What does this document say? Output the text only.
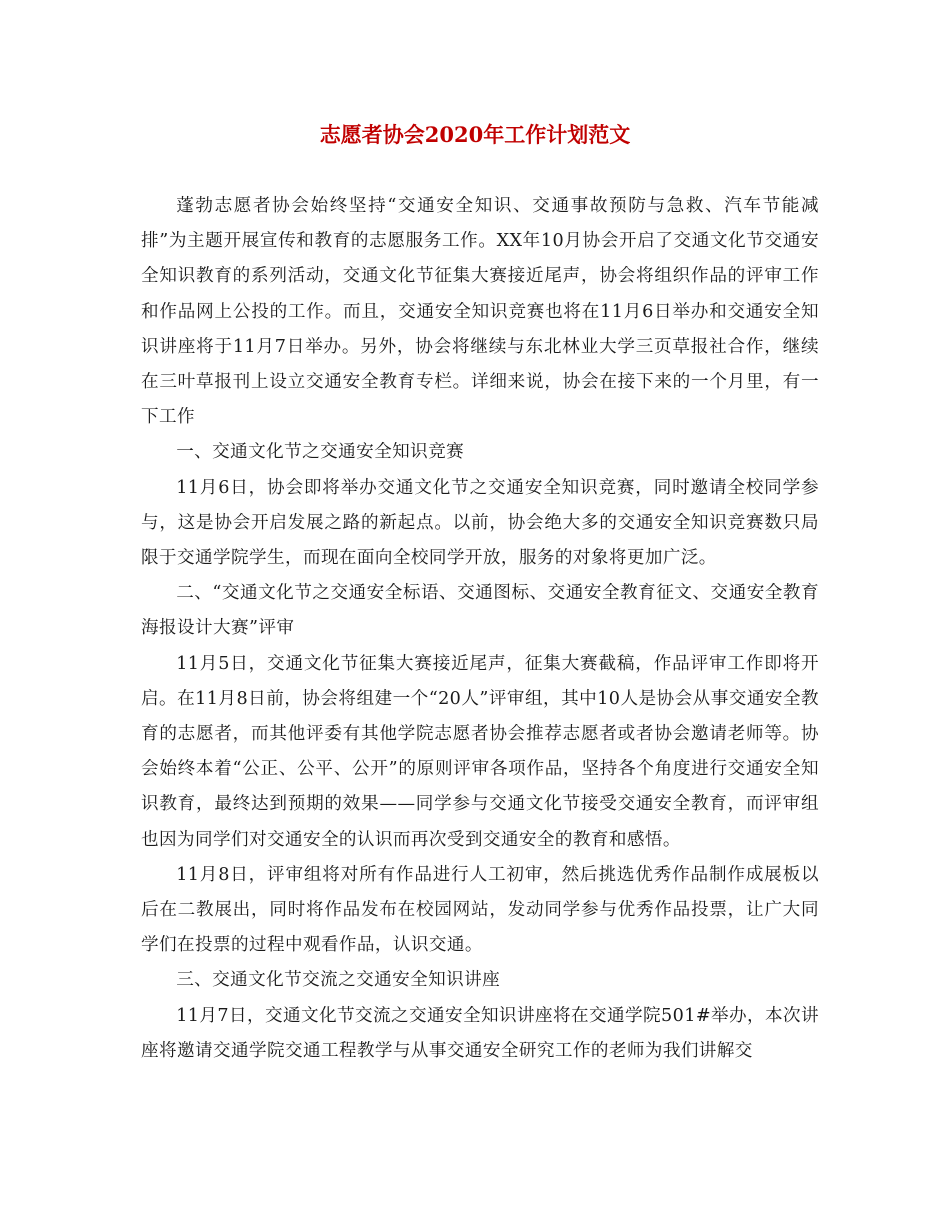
志愿者协会2020年工作计划范文

蓬勃志愿者协会始终坚持“交通安全知识、交通事故预防与急救、汽车节能减排”为主题开展宣传和教育的志愿服务工作。XX年10月协会开启了交通文化节交通安全知识教育的系列活动，交通文化节征集大赛接近尾声，协会将组织作品的评审工作和作品网上公投的工作。而且，交通安全知识竞赛也将在11月6日举办和交通安全知识讲座将于11月7日举办。另外，协会将继续与东北林业大学三页草报社合作，继续在三叶草报刊上设立交通安全教育专栏。详细来说，协会在接下来的一个月里，有一下工作

一、交通文化节之交通安全知识竞赛

11月6日，协会即将举办交通文化节之交通安全知识竞赛，同时邀请全校同学参与，这是协会开启发展之路的新起点。以前，协会绝大多的交通安全知识竞赛数只局限于交通学院学生，而现在面向全校同学开放，服务的对象将更加广泛。

二、“交通文化节之交通安全标语、交通图标、交通安全教育征文、交通安全教育海报设计大赛”评审

11月5日，交通文化节征集大赛接近尾声，征集大赛截稿，作品评审工作即将开启。在11月8日前，协会将组建一个“20人”评审组，其中10人是协会从事交通安全教育的志愿者，而其他评委有其他学院志愿者协会推荐志愿者或者协会邀请老师等。协会始终本着“公正、公平、公开”的原则评审各项作品，坚持各个角度进行交通安全知识教育，最终达到预期的效果——同学参与交通文化节接受交通安全教育，而评审组也因为同学们对交通安全的认识而再次受到交通安全的教育和感悟。

11月8日，评审组将对所有作品进行人工初审，然后挑选优秀作品制作成展板以后在二教展出，同时将作品发布在校园网站，发动同学参与优秀作品投票，让广大同学们在投票的过程中观看作品，认识交通。

三、交通文化节交流之交通安全知识讲座

11月7日，交通文化节交流之交通安全知识讲座将在交通学院501#举办，本次讲座将邀请交通学院交通工程教学与从事交通安全研究工作的老师为我们讲解交
